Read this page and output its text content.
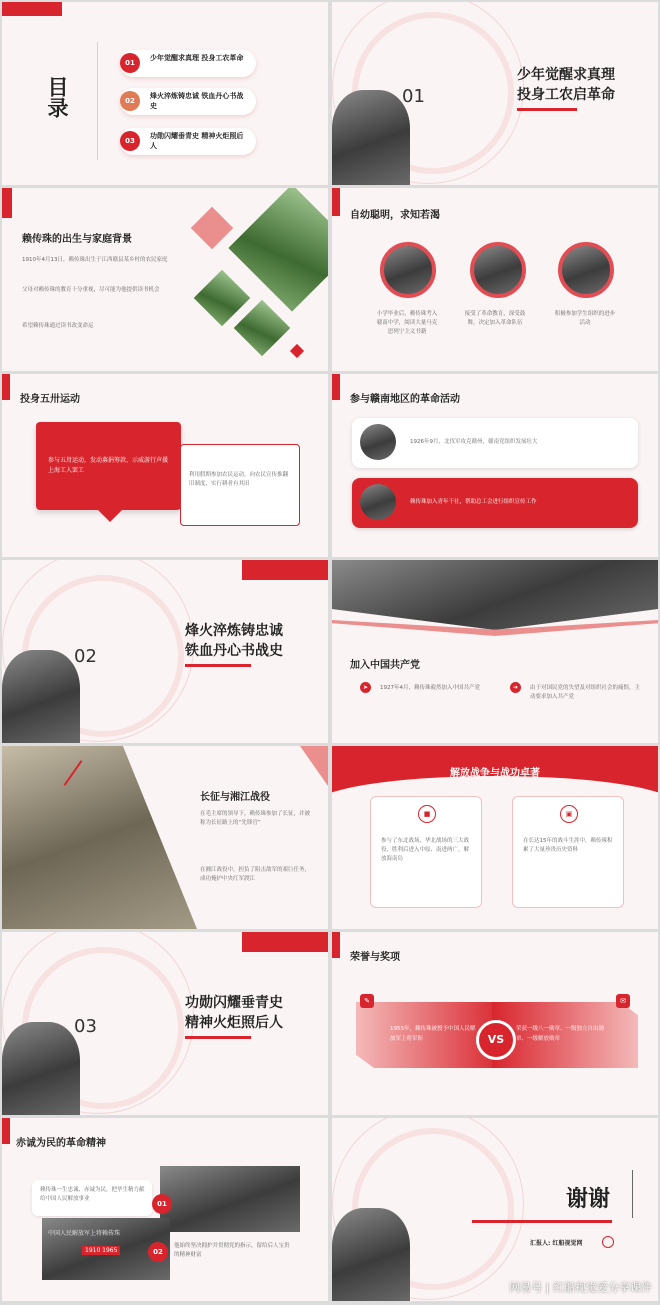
目录
01
少年觉醒求真理 投身工农革命
02
烽火淬炼铸忠诚 铁血丹心书战史
03
功勋闪耀垂青史 精神火炬照后人
01
少年觉醒求真理
投身工农启革命
赖传珠的出生与家庭背景
1910年4月13日，赖传珠出生于江西赣县某乡村的农民家庭
父母对赖传珠的教育十分重视，尽可能为他提供读书机会
希望赖传珠通过读书改变命运
自幼聪明，求知若渴
小学毕业后，赖传珠考入赣南中学，阅读大量马克思列宁主义书籍
接受了革命教育，深受鼓舞，决定加入革命队伍
积极参加学生组织的进步活动
投身五卅运动
参与五卅运动，发动募捐筹款、示威游行声援上海工人罢工
利用假期参加农民运动，向农民宣传推翻旧制度、实行耕者有其田
参与赣南地区的革命活动
1926年9月，北伐军攻克赣州，赣南党组织发展壮大
赖传珠加入青年干社，帮助总工会进行组织宣传工作
02
烽火淬炼铸忠诚
铁血丹心书战史
加入中国共产党
➤	1927年4月，赖传珠毅然加入中国共产党	➜	由于对国民党的失望及对组织社会的痛恨，主动要求加入共产党
长征与湘江战役
在毛主席的领导下，赖传珠参加了长征，并被称为长征路上的“先锋官”
在湘江战役中，担负了阻击敌军的艰巨任务，成功掩护中央红军渡江
解放战争与战功卓著
■
参与了东北战场、华北战场的三大战役，胜利后进入中原、南进两广，解放海南岛
▣
在长达15年的战斗生涯中，赖传珠积累了大量珍贵历史资料
03
功勋闪耀垂青史
精神火炬照后人
荣誉与奖项
1955年，赖传珠被授予中国人民解放军上将军衔
荣获一级八一勋章、一级独立自由勋章、一级解放勋章
✎	✉
VS
赤诚为民的革命精神
中国人民解放军上将赖传珠
1910 1965
赖传珠一生忠诚、赤诚为民，把毕生精力献给中国人民解放事业
01
02
他始终坚决拥护并贯彻党的指示，留给后人宝贵的精神财富
谢谢
汇报人: 红船视觉网
网易号 | 红船视觉爱分享课件
